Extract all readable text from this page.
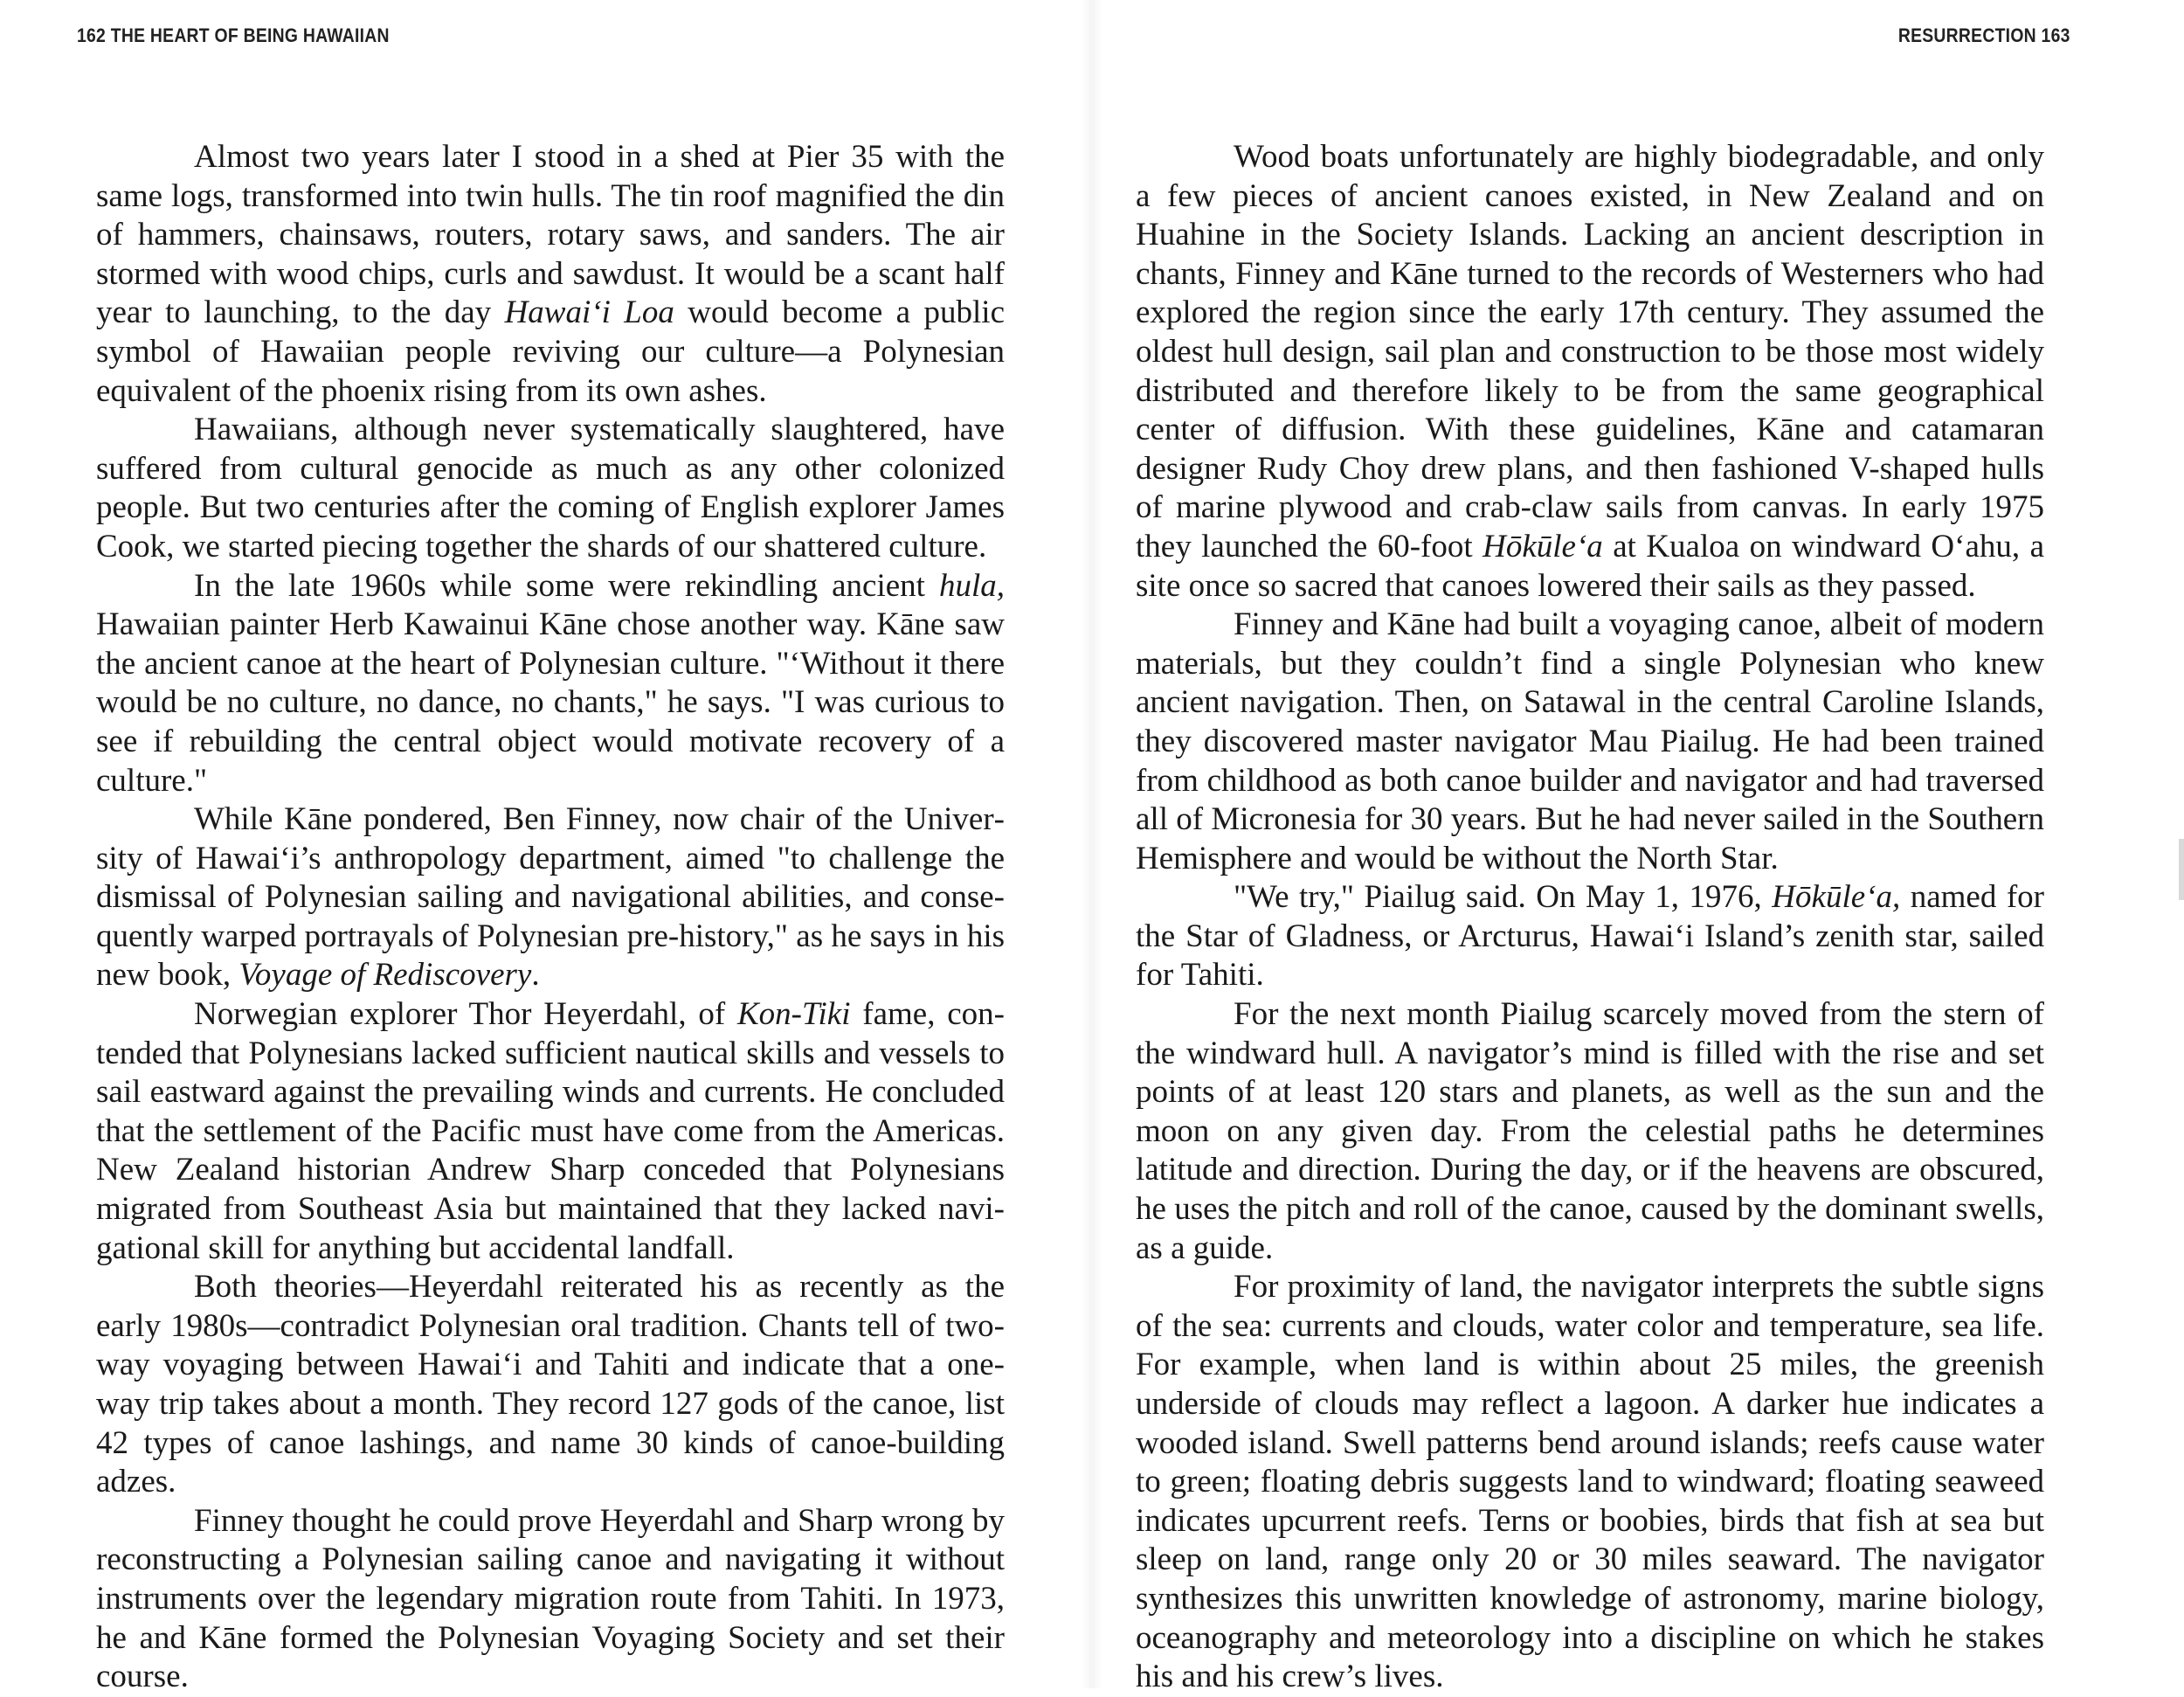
162 THE HEART OF BEING HAWAIIAN

Almost two years later I stood in a shed at Pier 35 with the same logs, transformed into twin hulls. The tin roof magnified the din of hammers, chainsaws, routers, rotary saws, and sanders. The air stormed with wood chips, curls and sawdust. It would be a scant half year to launching, to the day Hawai‘i Loa would become a public symbol of Hawaiian people reviving our culture—a Polynesian equivalent of the phoenix rising from its own ashes.

Hawaiians, although never systematically slaughtered, have suffered from cultural genocide as much as any other colonized people. But two centuries after the coming of English explorer James Cook, we started piecing together the shards of our shattered culture.

In the late 1960s while some were rekindling ancient hula, Hawaiian painter Herb Kawainui Kāne chose another way. Kāne saw the ancient canoe at the heart of Polynesian culture. "‘Without it there would be no culture, no dance, no chants," he says. "I was curious to see if rebuilding the central object would motivate recovery of a culture."

While Kāne pondered, Ben Finney, now chair of the University of Hawai‘i’s anthropology department, aimed "to challenge the dismissal of Polynesian sailing and navigational abilities, and consequently warped portrayals of Polynesian pre-history," as he says in his new book, Voyage of Rediscovery.

Norwegian explorer Thor Heyerdahl, of Kon-Tiki fame, contended that Polynesians lacked sufficient nautical skills and vessels to sail eastward against the prevailing winds and currents. He concluded that the settlement of the Pacific must have come from the Americas. New Zealand historian Andrew Sharp conceded that Polynesians migrated from Southeast Asia but maintained that they lacked navigational skill for anything but accidental landfall.

Both theories—Heyerdahl reiterated his as recently as the early 1980s—contradict Polynesian oral tradition. Chants tell of two-way voyaging between Hawai‘i and Tahiti and indicate that a one-way trip takes about a month. They record 127 gods of the canoe, list 42 types of canoe lashings, and name 30 kinds of canoe-building adzes.

Finney thought he could prove Heyerdahl and Sharp wrong by reconstructing a Polynesian sailing canoe and navigating it without instruments over the legendary migration route from Tahiti. In 1973, he and Kāne formed the Polynesian Voyaging Society and set their course.

RESURRECTION 163

Wood boats unfortunately are highly biodegradable, and only a few pieces of ancient canoes existed, in New Zealand and on Huahine in the Society Islands. Lacking an ancient description in chants, Finney and Kāne turned to the records of Westerners who had explored the region since the early 17th century. They assumed the oldest hull design, sail plan and construction to be those most widely distributed and therefore likely to be from the same geographical center of diffusion. With these guidelines, Kāne and catamaran designer Rudy Choy drew plans, and then fashioned V-shaped hulls of marine plywood and crab-claw sails from canvas. In early 1975 they launched the 60-foot Hōkūle‘a at Kualoa on windward O‘ahu, a site once so sacred that canoes lowered their sails as they passed.

Finney and Kāne had built a voyaging canoe, albeit of modern materials, but they couldn’t find a single Polynesian who knew ancient navigation. Then, on Satawal in the central Caroline Islands, they discovered master navigator Mau Piailug. He had been trained from childhood as both canoe builder and navigator and had traversed all of Micronesia for 30 years. But he had never sailed in the Southern Hemisphere and would be without the North Star.

"We try," Piailug said. On May 1, 1976, Hōkūle‘a, named for the Star of Gladness, or Arcturus, Hawai‘i Island’s zenith star, sailed for Tahiti.

For the next month Piailug scarcely moved from the stern of the windward hull. A navigator’s mind is filled with the rise and set points of at least 120 stars and planets, as well as the sun and the moon on any given day. From the celestial paths he determines latitude and direction. During the day, or if the heavens are obscured, he uses the pitch and roll of the canoe, caused by the dominant swells, as a guide.

For proximity of land, the navigator interprets the subtle signs of the sea: currents and clouds, water color and temperature, sea life. For example, when land is within about 25 miles, the greenish underside of clouds may reflect a lagoon. A darker hue indicates a wooded island. Swell patterns bend around islands; reefs cause water to green; floating debris suggests land to windward; floating seaweed indicates upcurrent reefs. Terns or boobies, birds that fish at sea but sleep on land, range only 20 or 30 miles seaward. The navigator synthesizes this unwritten knowledge of astronomy, marine biology, oceanography and meteorology into a discipline on which he stakes his and his crew’s lives.
